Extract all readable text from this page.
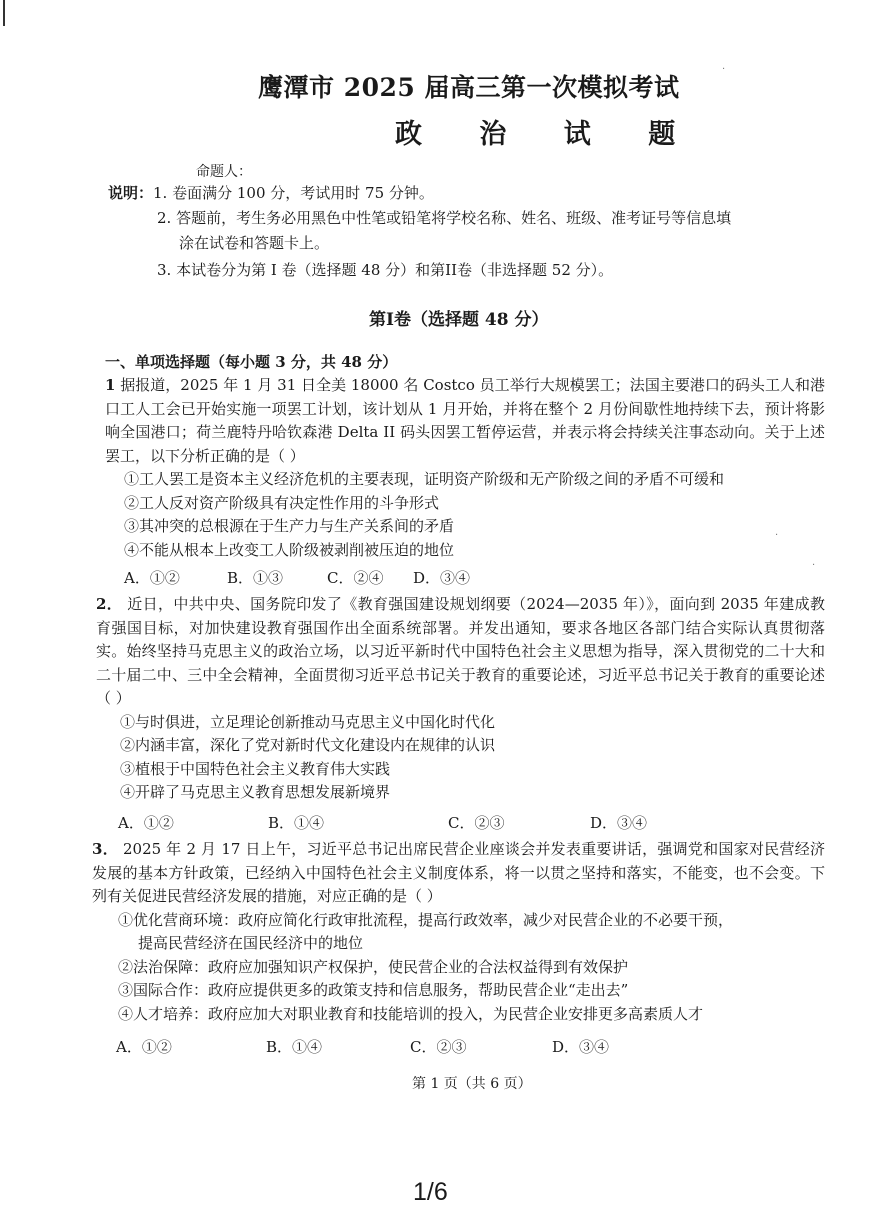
·
·
·
鹰潭市 2025 届高三第一次模拟考试
政 治 试 题
命题人：
说明：1. 卷面满分 100 分，考试用时 75 分钟。
2. 答题前，考生务必用黑色中性笔或铅笔将学校名称、姓名、班级、准考证号等信息填
涂在试卷和答题卡上。
3. 本试卷分为第 I 卷（选择题 48 分）和第II卷（非选择题 52 分）。
第I卷（选择题 48 分）
一、单项选择题（每小题 3 分，共 48 分）

1 据报道，2025 年 1 月 31 日全美 18000 名 Costco 员工举行大规模罢工；法国主要港口的码头工人和港口工人工会已开始实施一项罢工计划，该计划从 1 月开始，并将在整个 2 月份间歇性地持续下去，预计将影响全国港口；荷兰鹿特丹哈钦森港 Delta II 码头因罢工暂停运营，并表示将会持续关注事态动向。关于上述罢工，以下分析正确的是（ ）

①工人罢工是资本主义经济危机的主要表现，证明资产阶级和无产阶级之间的矛盾不可缓和

②工人反对资产阶级具有决定性作用的斗争形式

③其冲突的总根源在于生产力与生产关系间的矛盾

④不能从根本上改变工人阶级被剥削被压迫的地位

A．①②	B．①③	C．②④ D．③④

2． 近日，中共中央、国务院印发了《教育强国建设规划纲要（2024—2035 年）》，面向到 2035 年建成教育强国目标，对加快建设教育强国作出全面系统部署。并发出通知，要求各地区各部门结合实际认真贯彻落实。始终坚持马克思主义的政治立场，以习近平新时代中国特色社会主义思想为指导，深入贯彻党的二十大和二十届二中、三中全会精神，全面贯彻习近平总书记关于教育的重要论述，习近平总书记关于教育的重要论述（ ）

①与时俱进，立足理论创新推动马克思主义中国化时代化

②内涵丰富，深化了党对新时代文化建设内在规律的认识

③植根于中国特色社会主义教育伟大实践

④开辟了马克思主义教育思想发展新境界

A．①②	B．①④	C．②③	D．③④

3． 2025 年 2 月 17 日上午，习近平总书记出席民营企业座谈会并发表重要讲话，强调党和国家对民营经济发展的基本方针政策，已经纳入中国特色社会主义制度体系，将一以贯之坚持和落实，不能变，也不会变。下列有关促进民营经济发展的措施，对应正确的是（ ）

①优化营商环境：政府应简化行政审批流程，提高行政效率，减少对民营企业的不必要干预，

提高民营经济在国民经济中的地位

②法治保障：政府应加强知识产权保护，使民营企业的合法权益得到有效保护

③国际合作：政府应提供更多的政策支持和信息服务，帮助民营企业“走出去”

④人才培养：政府应加大对职业教育和技能培训的投入，为民营企业安排更多高素质人才

A．①②	B．①④	C．②③	D．③④
第 1 页（共 6 页）
1/6
